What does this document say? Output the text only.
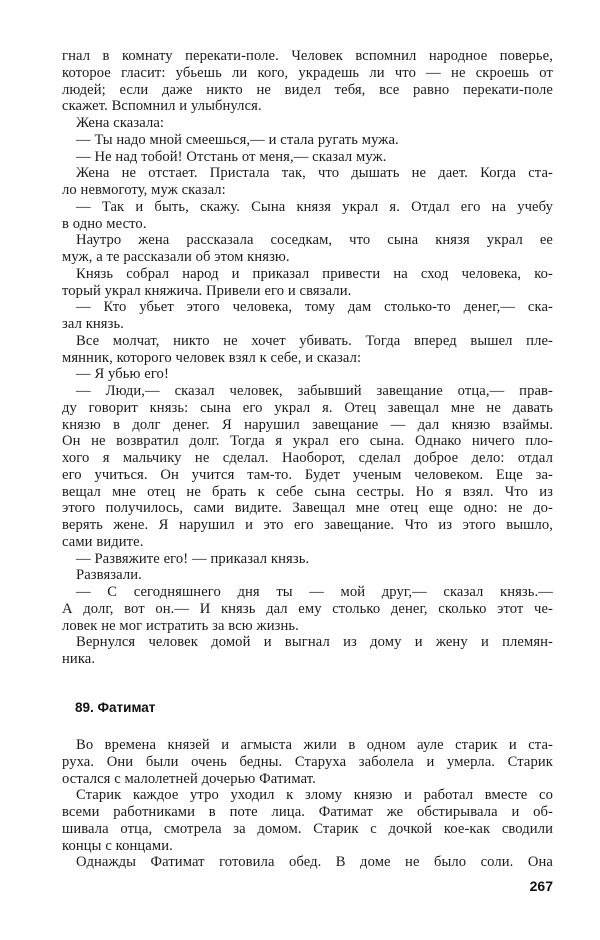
гнал в комнату перекати-поле. Человек вспомнил народное поверье,
которое гласит: убьешь ли кого, украдешь ли что — не скроешь от
людей; если даже никто не видел тебя, все равно перекати-поле
скажет. Вспомнил и улыбнулся.
Жена сказала:
— Ты надо мной смеешься,— и стала ругать мужа.
— Не над тобой! Отстань от меня,— сказал муж.
Жена не отстает. Пристала так, что дышать не дает. Когда ста-
ло невмоготу, муж сказал:
— Так и быть, скажу. Сына князя украл я. Отдал его на учебу
в одно место.
Наутро жена рассказала соседкам, что сына князя украл ее
муж, а те рассказали об этом князю.
Князь собрал народ и приказал привести на сход человека, ко-
торый украл княжича. Привели его и связали.
— Кто убьет этого человека, тому дам столько-то денег,— ска-
зал князь.
Все молчат, никто не хочет убивать. Тогда вперед вышел пле-
мянник, которого человек взял к себе, и сказал:
— Я убью его!
— Люди,— сказал человек, забывший завещание отца,— прав-
ду говорит князь: сына его украл я. Отец завещал мне не давать
князю в долг денег. Я нарушил завещание — дал князю взаймы.
Он не возвратил долг. Тогда я украл его сына. Однако ничего пло-
хого я мальчику не сделал. Наоборот, сделал доброе дело: отдал
его учиться. Он учится там-то. Будет ученым человеком. Еще за-
вещал мне отец не брать к себе сына сестры. Но я взял. Что из
этого получилось, сами видите. Завещал мне отец еще одно: не до-
верять жене. Я нарушил и это его завещание. Что из этого вышло,
сами видите.
— Развяжите его! — приказал князь.
Развязали.
— С сегодняшнего дня ты — мой друг,— сказал князь.—
А долг, вот он.— И князь дал ему столько денег, сколько этот че-
ловек не мог истратить за всю жизнь.
Вернулся человек домой и выгнал из дому и жену и племян-
ника.
89. Фатимат
Во времена князей и агмыста жили в одном ауле старик и ста-
руха. Они были очень бедны. Старуха заболела и умерла. Старик
остался с малолетней дочерью Фатимат.
Старик каждое утро уходил к злому князю и работал вместе со
всеми работниками в поте лица. Фатимат же обстирывала и об-
шивала отца, смотрела за домом. Старик с дочкой кое-как сводили
концы с концами.
Однажды Фатимат готовила обед. В доме не было соли. Она
267
